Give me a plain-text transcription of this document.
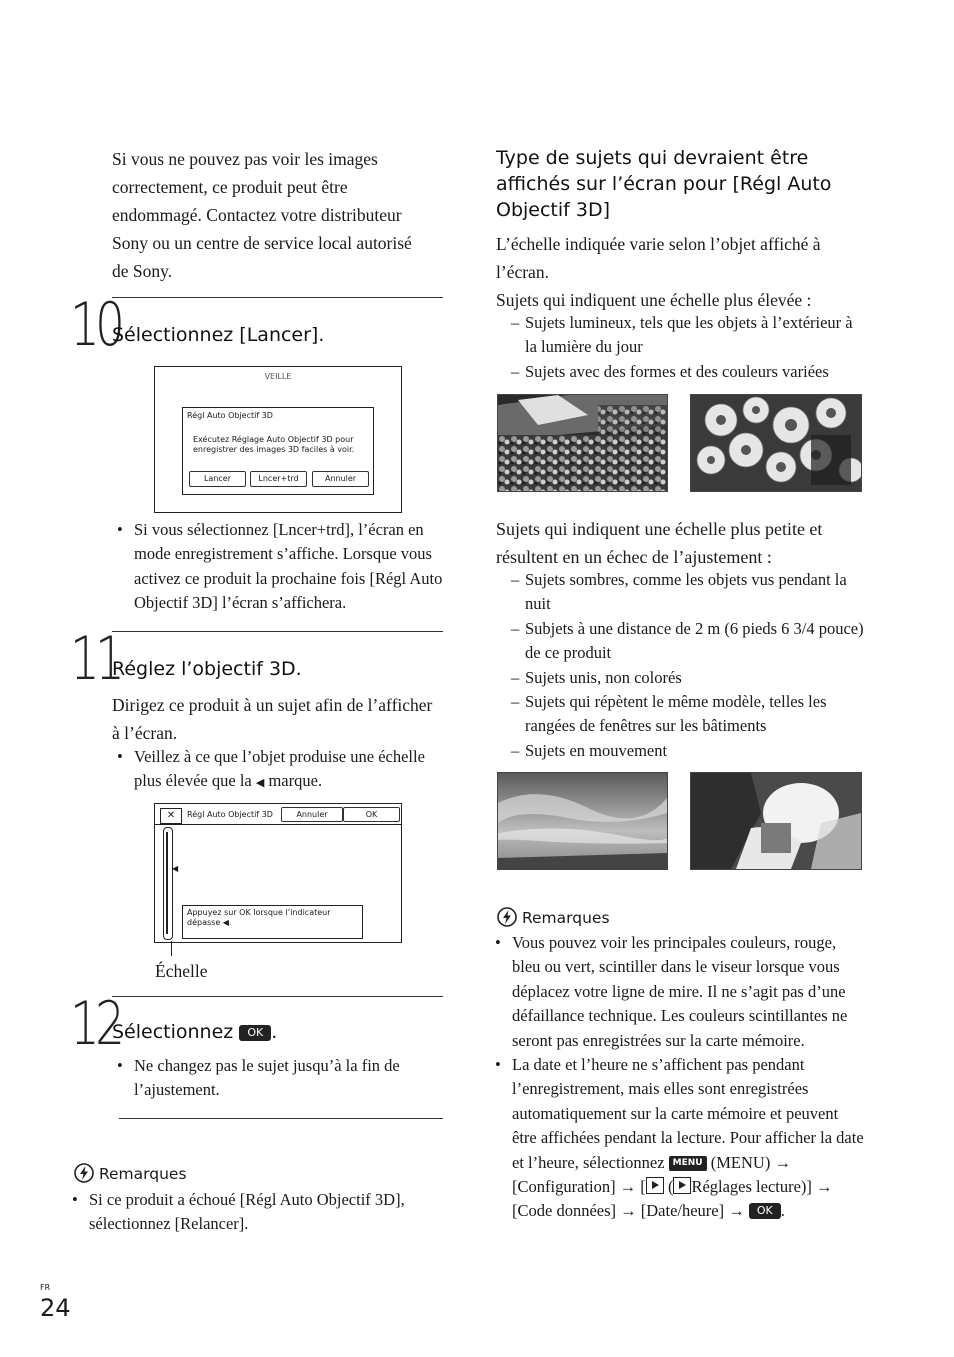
Si vous ne pouvez pas voir les images correctement, ce produit peut être endommagé. Contactez votre distributeur Sony ou un centre de service local autorisé de Sony.
10
Sélectionnez [Lancer].
VEILLE
Régl Auto Objectif 3D
Exécutez Réglage Auto Objectif 3D pour enregistrer des images 3D faciles à voir.
Lancer	Lncer+trd	Annuler
• Si vous sélectionnez [Lncer+trd], l’écran en mode enregistrement s’affiche. Lorsque vous activez ce produit la prochaine fois [Régl Auto Objectif 3D] l’écran s’affichera.
11
Réglez l’objectif 3D.
Dirigez ce produit à un sujet afin de l’afficher à l’écran.
• Veillez à ce que l’objet produise une échelle plus élevée que la ◀ marque.
✕	Régl Auto Objectif 3D	Annuler	OK
◀
Appuyez sur OK lorsque l’indicateur dépasse ◀.
Échelle
12
Sélectionnez OK .
• Ne changez pas le sujet jusqu’à la fin de l’ajustement.
Remarques
• Si ce produit a échoué [Régl Auto Objectif 3D], sélectionnez [Relancer].
Type de sujets qui devraient être affichés sur l’écran pour [Régl Auto Objectif 3D]
L’échelle indiquée varie selon l’objet affiché à l’écran.
Sujets qui indiquent une échelle plus élevée :
– Sujets lumineux, tels que les objets à l’extérieur à la lumière du jour
– Sujets avec des formes et des couleurs variées
Sujets qui indiquent une échelle plus petite et résultent en un échec de l’ajustement :
– Sujets sombres, comme les objets vus pendant la nuit
– Subjets à une distance de 2 m (6 pieds 6 3/4 pouce) de ce produit
– Sujets unis, non colorés
– Sujets qui répètent le même modèle, telles les rangées de fenêtres sur les bâtiments
– Sujets en mouvement
Remarques
• Vous pouvez voir les principales couleurs, rouge, bleu ou vert, scintiller dans le viseur lorsque vous déplacez votre ligne de mire. Il ne s’agit pas d’une défaillance technique. Les couleurs scintillantes ne seront pas enregistrées sur la carte mémoire.
• La date et l’heure ne s’affichent pas pendant l’enregistrement, mais elles sont enregistrées automatiquement sur la carte mémoire et peuvent être affichées pendant la lecture. Pour afficher la date et l’heure, sélectionnez MENU (MENU) → [Configuration] → [ ( Réglages lecture)] → [Code données] → [Date/heure] → OK .
FR
24
